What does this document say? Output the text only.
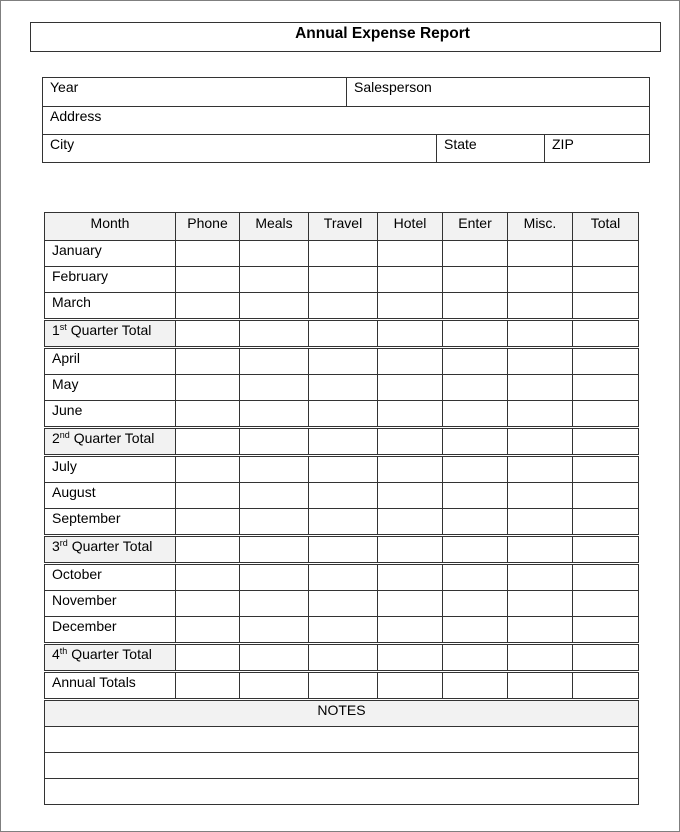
Annual Expense Report
Year	Salesperson
Address
City	State	ZIP
Month	Phone	Meals	Travel	Hotel	Enter	Misc.	Total
January							
February							
March							
1st Quarter Total							
April							
May							
June							
2nd Quarter Total							
July							
August							
September							
3rd Quarter Total							
October							
November							
December							
4th Quarter Total							
Annual Totals							
NOTES							
